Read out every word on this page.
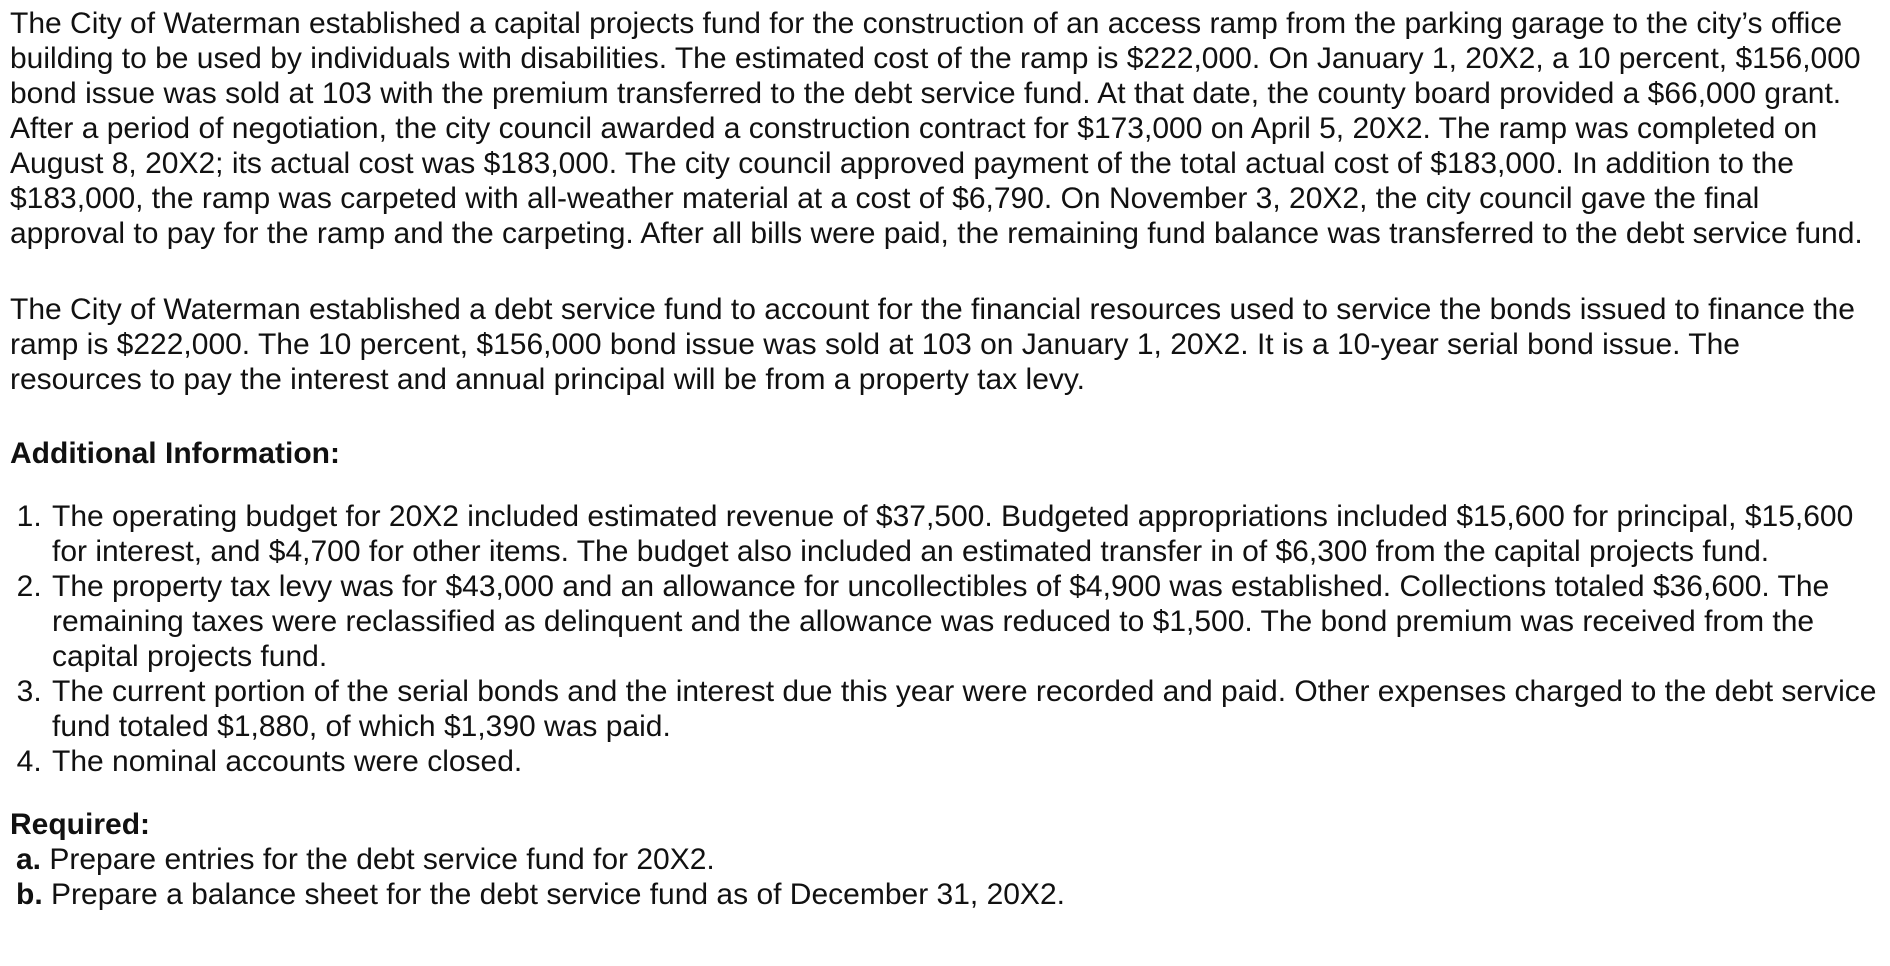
The City of Waterman established a capital projects fund for the construction of an access ramp from the parking garage to the city’s office building to be used by individuals with disabilities. The estimated cost of the ramp is $222,000. On January 1, 20X2, a 10 percent, $156,000 bond issue was sold at 103 with the premium transferred to the debt service fund. At that date, the county board provided a $66,000 grant. After a period of negotiation, the city council awarded a construction contract for $173,000 on April 5, 20X2. The ramp was completed on August 8, 20X2; its actual cost was $183,000. The city council approved payment of the total actual cost of $183,000. In addition to the $183,000, the ramp was carpeted with all-weather material at a cost of $6,790. On November 3, 20X2, the city council gave the final approval to pay for the ramp and the carpeting. After all bills were paid, the remaining fund balance was transferred to the debt service fund.

The City of Waterman established a debt service fund to account for the financial resources used to service the bonds issued to finance the ramp is $222,000. The 10 percent, $156,000 bond issue was sold at 103 on January 1, 20X2. It is a 10-year serial bond issue. The resources to pay the interest and annual principal will be from a property tax levy.

Additional Information:

1. The operating budget for 20X2 included estimated revenue of $37,500. Budgeted appropriations included $15,600 for principal, $15,600 for interest, and $4,700 for other items. The budget also included an estimated transfer in of $6,300 from the capital projects fund.
2. The property tax levy was for $43,000 and an allowance for uncollectibles of $4,900 was established. Collections totaled $36,600. The remaining taxes were reclassified as delinquent and the allowance was reduced to $1,500. The bond premium was received from the capital projects fund.
3. The current portion of the serial bonds and the interest due this year were recorded and paid. Other expenses charged to the debt service fund totaled $1,880, of which $1,390 was paid.
4. The nominal accounts were closed.

Required:

a. Prepare entries for the debt service fund for 20X2.

b. Prepare a balance sheet for the debt service fund as of December 31, 20X2.
